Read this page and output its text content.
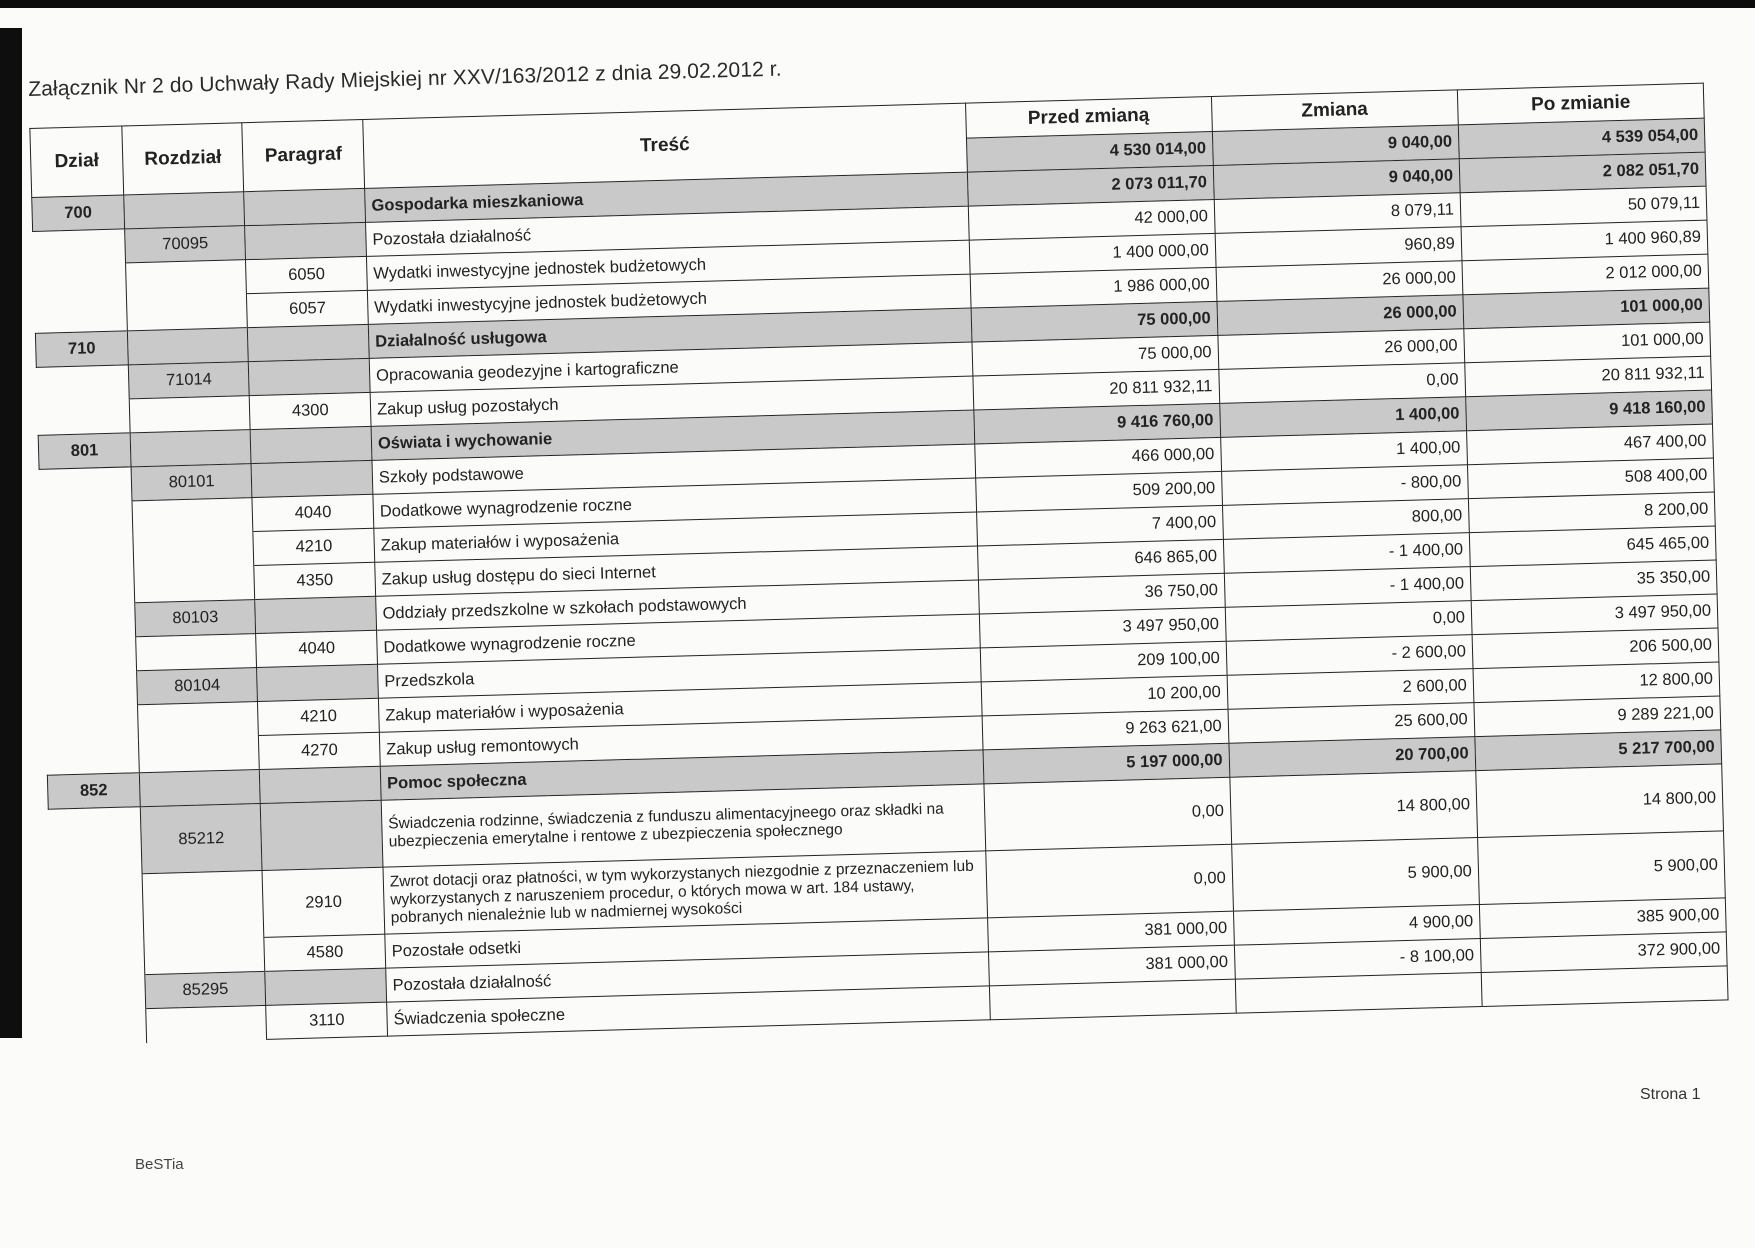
Załącznik Nr 2 do Uchwały Rady Miejskiej nr XXV/163/2012 z dnia 29.02.2012 r.
Dział	Rozdział	Paragraf	Treść	Przed zmianą	Zmiana	Po zmianie
				4 530 014,00	9 040,00	4 539 054,00
700			Gospodarka mieszkaniowa	2 073 011,70	9 040,00	2 082 051,70
	70095		Pozostała działalność	42 000,00	8 079,11	50 079,11
		6050	Wydatki inwestycyjne jednostek budżetowych	1 400 000,00	960,89	1 400 960,89
		6057	Wydatki inwestycyjne jednostek budżetowych	1 986 000,00	26 000,00	2 012 000,00
710			Działalność usługowa	75 000,00	26 000,00	101 000,00
	71014		Opracowania geodezyjne i kartograficzne	75 000,00	26 000,00	101 000,00
		4300	Zakup usług pozostałych	20 811 932,11	0,00	20 811 932,11
801			Oświata i wychowanie	9 416 760,00	1 400,00	9 418 160,00
	80101		Szkoły podstawowe	466 000,00	1 400,00	467 400,00
		4040	Dodatkowe wynagrodzenie roczne	509 200,00	- 800,00	508 400,00
		4210	Zakup materiałów i wyposażenia	7 400,00	800,00	8 200,00
		4350	Zakup usług dostępu do sieci Internet	646 865,00	- 1 400,00	645 465,00
	80103		Oddziały przedszkolne w szkołach podstawowych	36 750,00	- 1 400,00	35 350,00
		4040	Dodatkowe wynagrodzenie roczne	3 497 950,00	0,00	3 497 950,00
	80104		Przedszkola	209 100,00	- 2 600,00	206 500,00
		4210	Zakup materiałów i wyposażenia	10 200,00	2 600,00	12 800,00
		4270	Zakup usług remontowych	9 263 621,00	25 600,00	9 289 221,00
852			Pomoc społeczna	5 197 000,00	20 700,00	5 217 700,00
	85212		Świadczenia rodzinne, świadczenia z funduszu alimentacyjneego oraz składki na ubezpieczenia emerytalne i rentowe z ubezpieczenia społecznego	0,00	14 800,00	14 800,00
		2910	Zwrot dotacji oraz płatności, w tym wykorzystanych niezgodnie z przeznaczeniem lub wykorzystanych z naruszeniem procedur, o których mowa w art. 184 ustawy, pobranych nienależnie lub w nadmiernej wysokości	0,00	5 900,00	5 900,00
		4580	Pozostałe odsetki	381 000,00	4 900,00	385 900,00
	85295		Pozostała działalność	381 000,00	- 8 100,00	372 900,00
		3110	Świadczenia społeczne			
Strona 1
BeSTia
